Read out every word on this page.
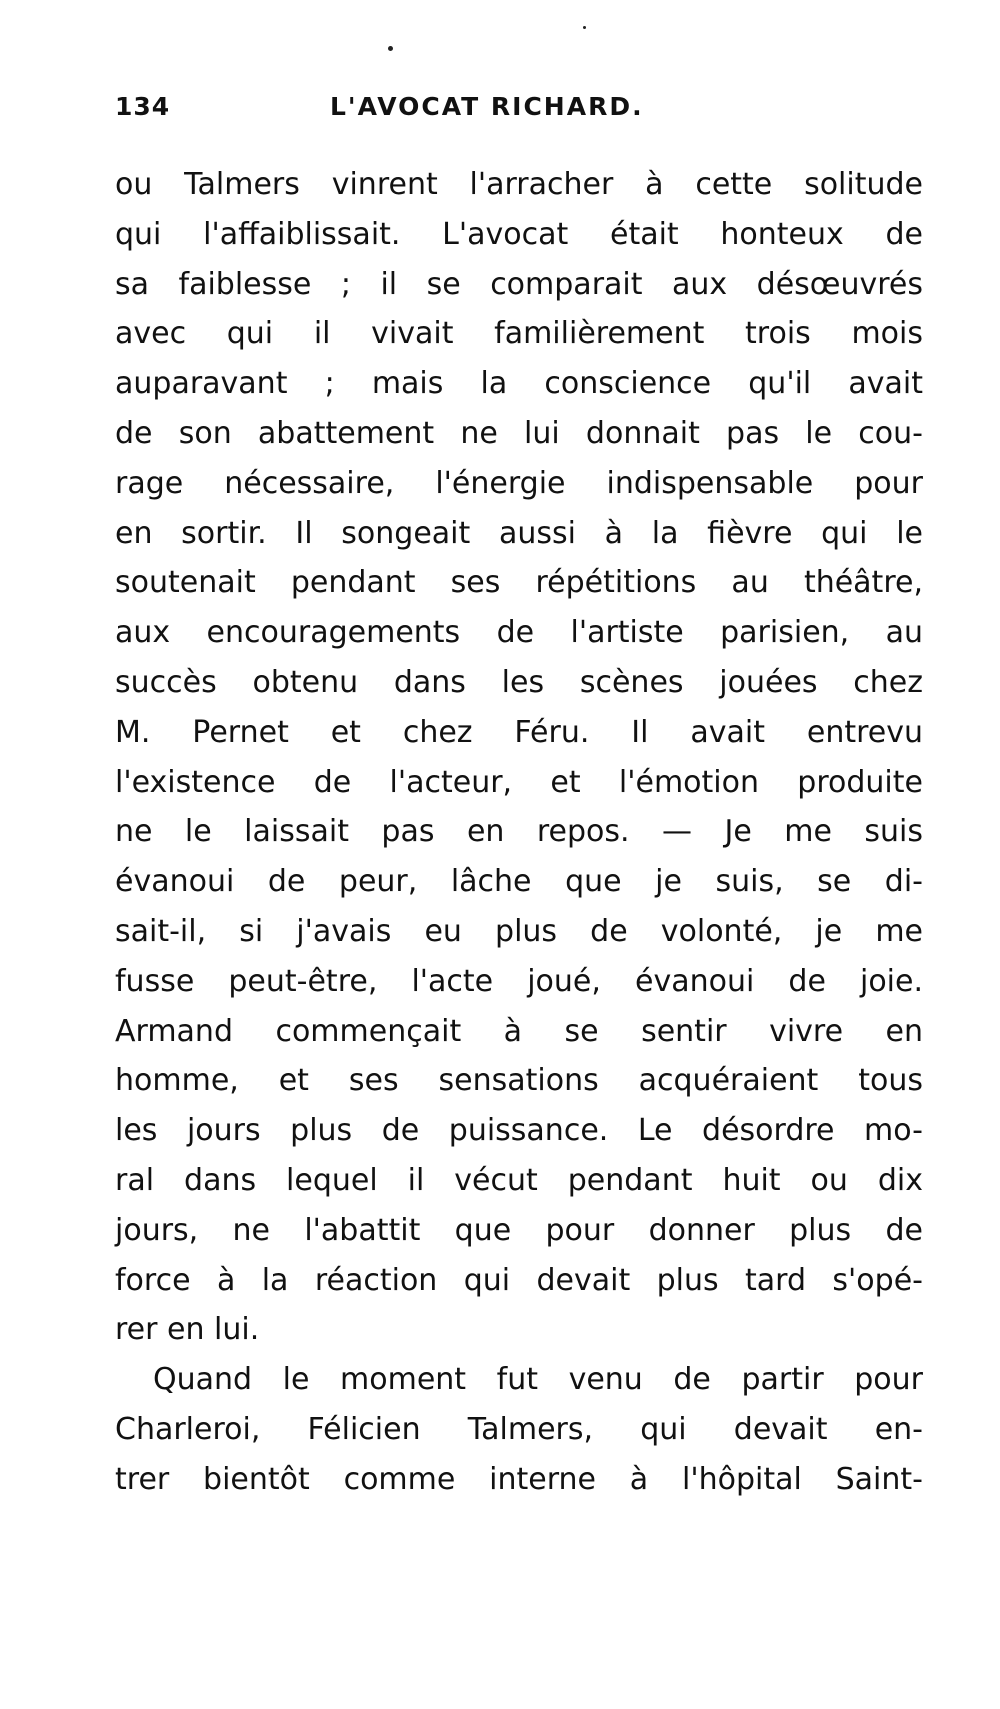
134	L'AVOCAT RICHARD.
ou Talmers vinrent l'arracher à cette solitude
qui l'affaiblissait. L'avocat était honteux de
sa faiblesse ; il se comparait aux désœuvrés
avec qui il vivait familièrement trois mois
auparavant ; mais la conscience qu'il avait
de son abattement ne lui donnait pas le cou-
rage nécessaire, l'énergie indispensable pour
en sortir. Il songeait aussi à la fièvre qui le
soutenait pendant ses répétitions au théâtre,
aux encouragements de l'artiste parisien, au
succès obtenu dans les scènes jouées chez
M. Pernet et chez Féru. Il avait entrevu
l'existence de l'acteur, et l'émotion produite
ne le laissait pas en repos. — Je me suis
évanoui de peur, lâche que je suis, se di-
sait-il, si j'avais eu plus de volonté, je me
fusse peut-être, l'acte joué, évanoui de joie.
Armand commençait à se sentir vivre en
homme, et ses sensations acquéraient tous
les jours plus de puissance. Le désordre mo-
ral dans lequel il vécut pendant huit ou dix
jours, ne l'abattit que pour donner plus de
force à la réaction qui devait plus tard s'opé-
rer en lui.
Quand le moment fut venu de partir pour
Charleroi, Félicien Talmers, qui devait en-
trer bientôt comme interne à l'hôpital Saint-
